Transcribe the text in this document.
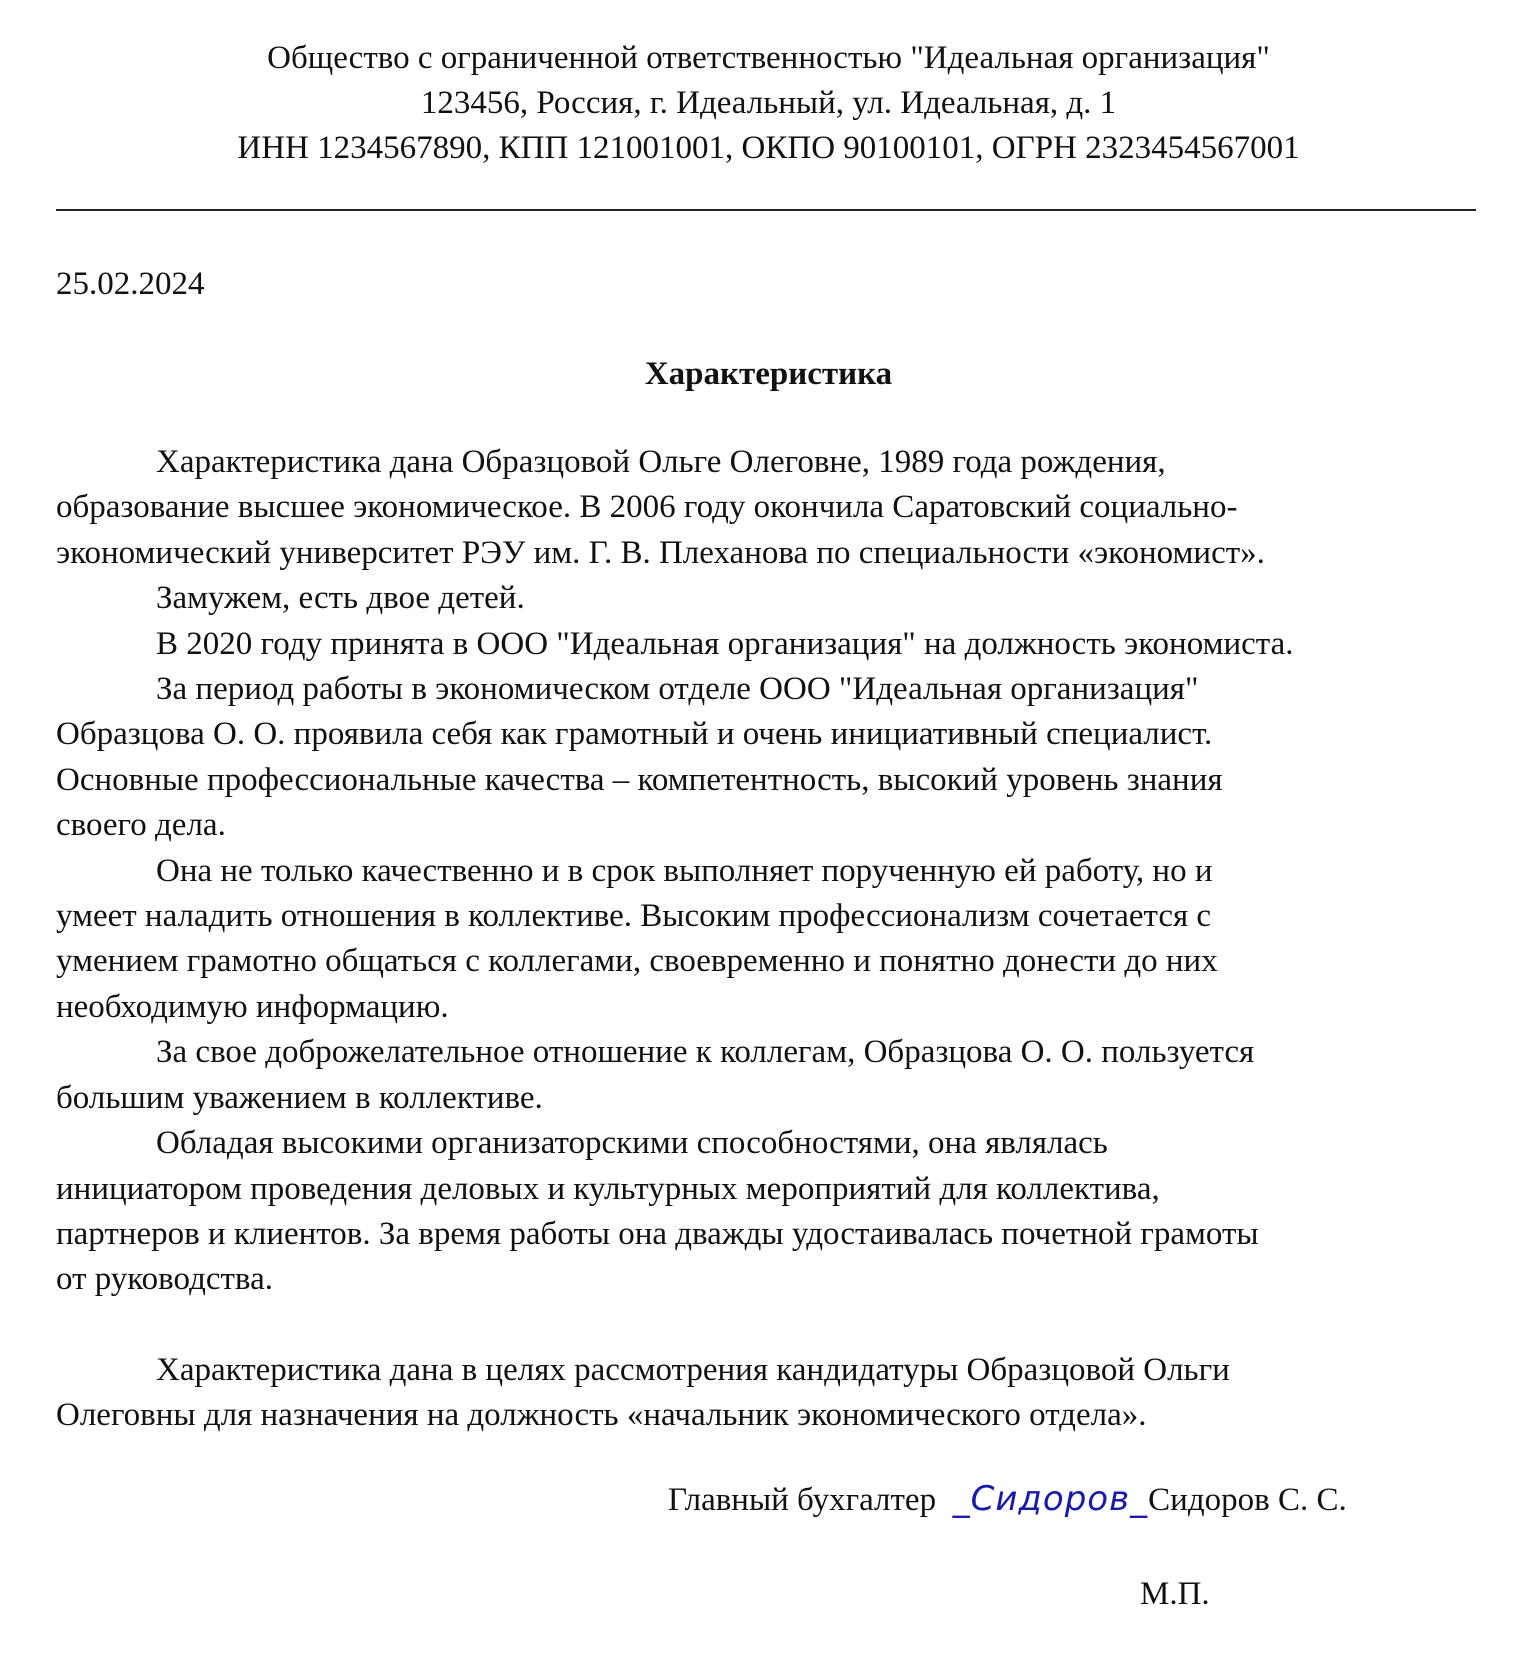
Общество с ограниченной ответственностью "Идеальная организация"
123456, Россия, г. Идеальный, ул. Идеальная, д. 1
ИНН 1234567890, КПП 121001001, ОКПО 90100101, ОГРН 2323454567001
25.02.2024
Характеристика

Характеристика дана Образцовой Ольге Олеговне, 1989 года рождения,
образование высшее экономическое. В 2006 году окончила Саратовский социально-
экономический университет РЭУ им. Г. В. Плеханова по специальности «экономист».

Замужем, есть двое детей.

В 2020 году принята в ООО "Идеальная организация" на должность экономиста.

За период работы в экономическом отделе ООО "Идеальная организация"
Образцова О. О. проявила себя как грамотный и очень инициативный специалист.
Основные профессиональные качества – компетентность, высокий уровень знания
своего дела.

Она не только качественно и в срок выполняет порученную ей работу, но и
умеет наладить отношения в коллективе. Высоким профессионализм сочетается с
умением грамотно общаться с коллегами, своевременно и понятно донести до них
необходимую информацию.

За свое доброжелательное отношение к коллегам, Образцова О. О. пользуется
большим уважением в коллективе.

Обладая высокими организаторскими способностями, она являлась
инициатором проведения деловых и культурных мероприятий для коллектива,
партнеров и клиентов. За время работы она дважды удостаивалась почетной грамоты
от руководства.

Характеристика дана в целях рассмотрения кандидатуры Образцовой Ольги
Олеговны для назначения на должность «начальник экономического отдела».

Главный бухгалтер _Сидоров_Сидоров С. С.
М.П.
